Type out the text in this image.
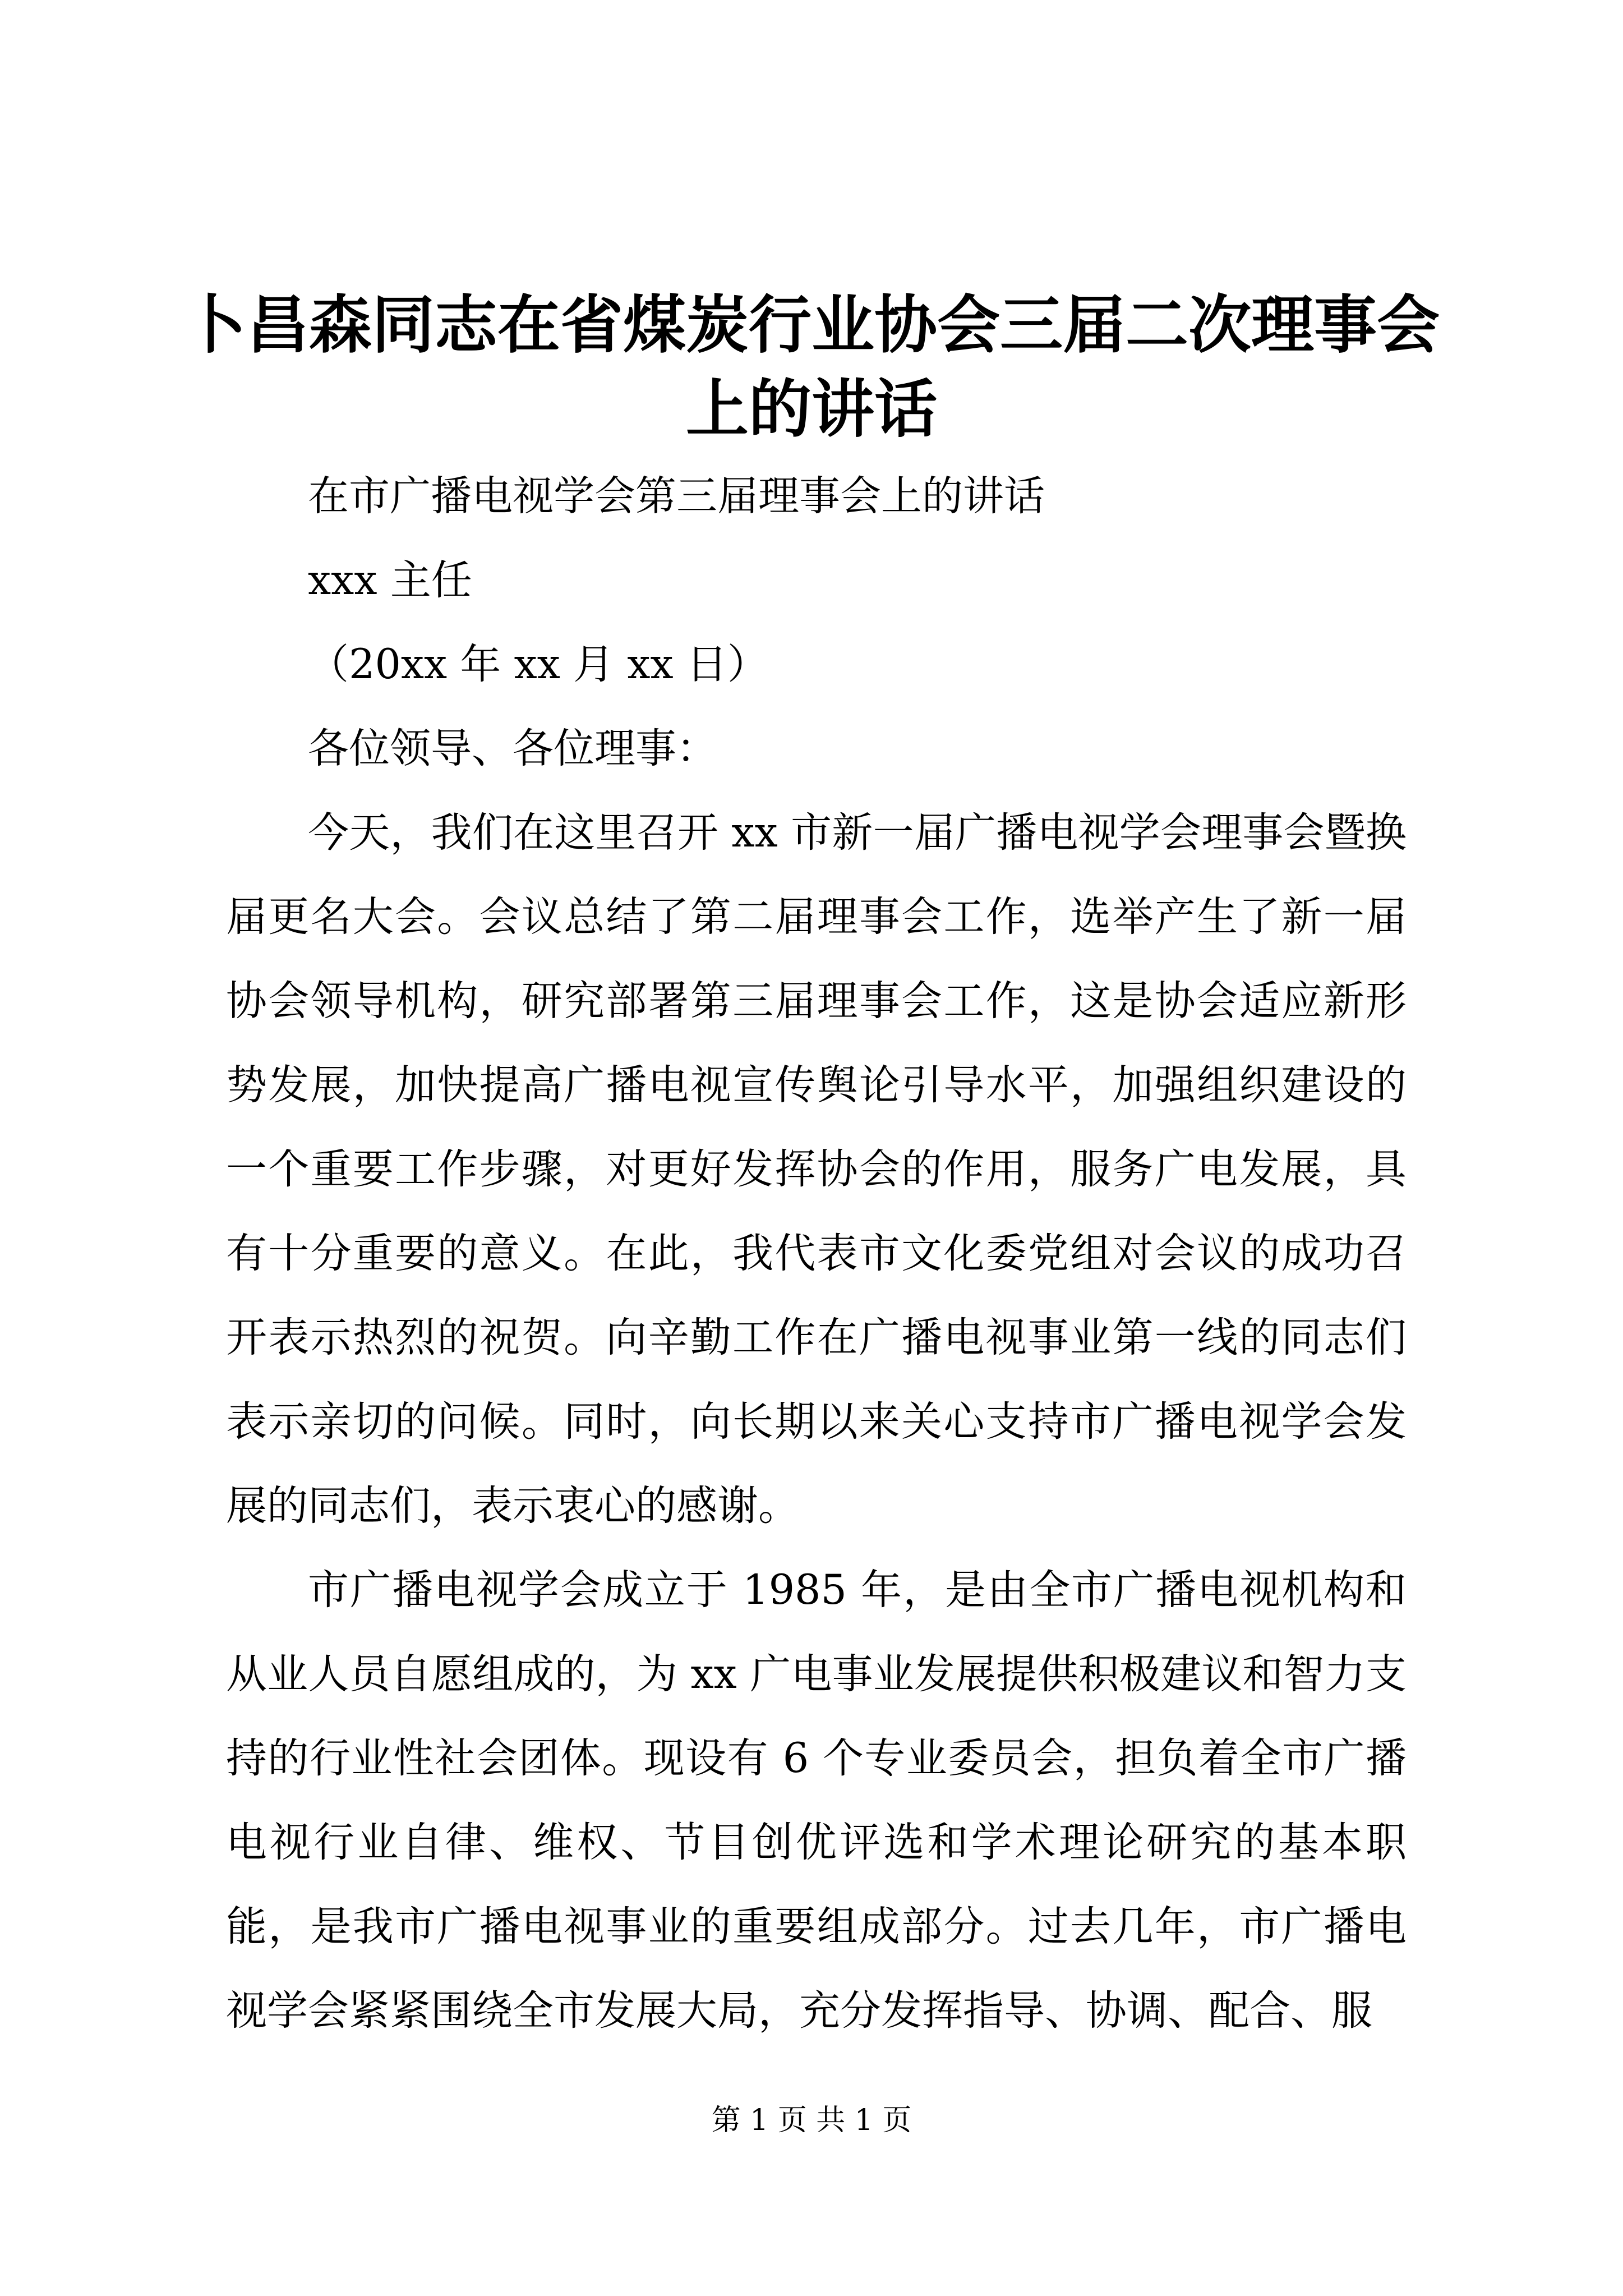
卜昌森同志在省煤炭行业协会三届二次理事会上的讲话

在市广播电视学会第三届理事会上的讲话

xxx 主任

（20xx 年 xx 月 xx 日）

各位领导、各位理事：

今天，我们在这里召开 xx 市新一届广播电视学会理事会暨换届更名大会。会议总结了第二届理事会工作，选举产生了新一届协会领导机构，研究部署第三届理事会工作，这是协会适应新形势发展，加快提高广播电视宣传舆论引导水平，加强组织建设的一个重要工作步骤，对更好发挥协会的作用，服务广电发展，具有十分重要的意义。在此，我代表市文化委党组对会议的成功召开表示热烈的祝贺。向辛勤工作在广播电视事业第一线的同志们表示亲切的问候。同时，向长期以来关心支持市广播电视学会发展的同志们，表示衷心的感谢。

市广播电视学会成立于 1985 年，是由全市广播电视机构和从业人员自愿组成的，为 xx 广电事业发展提供积极建议和智力支持的行业性社会团体。现设有 6 个专业委员会，担负着全市广播电视行业自律、维权、节目创优评选和学术理论研究的基本职能，是我市广播电视事业的重要组成部分。过去几年，市广播电视学会紧紧围绕全市发展大局，充分发挥指导、协调、配合、服

第 1 页 共 1 页
